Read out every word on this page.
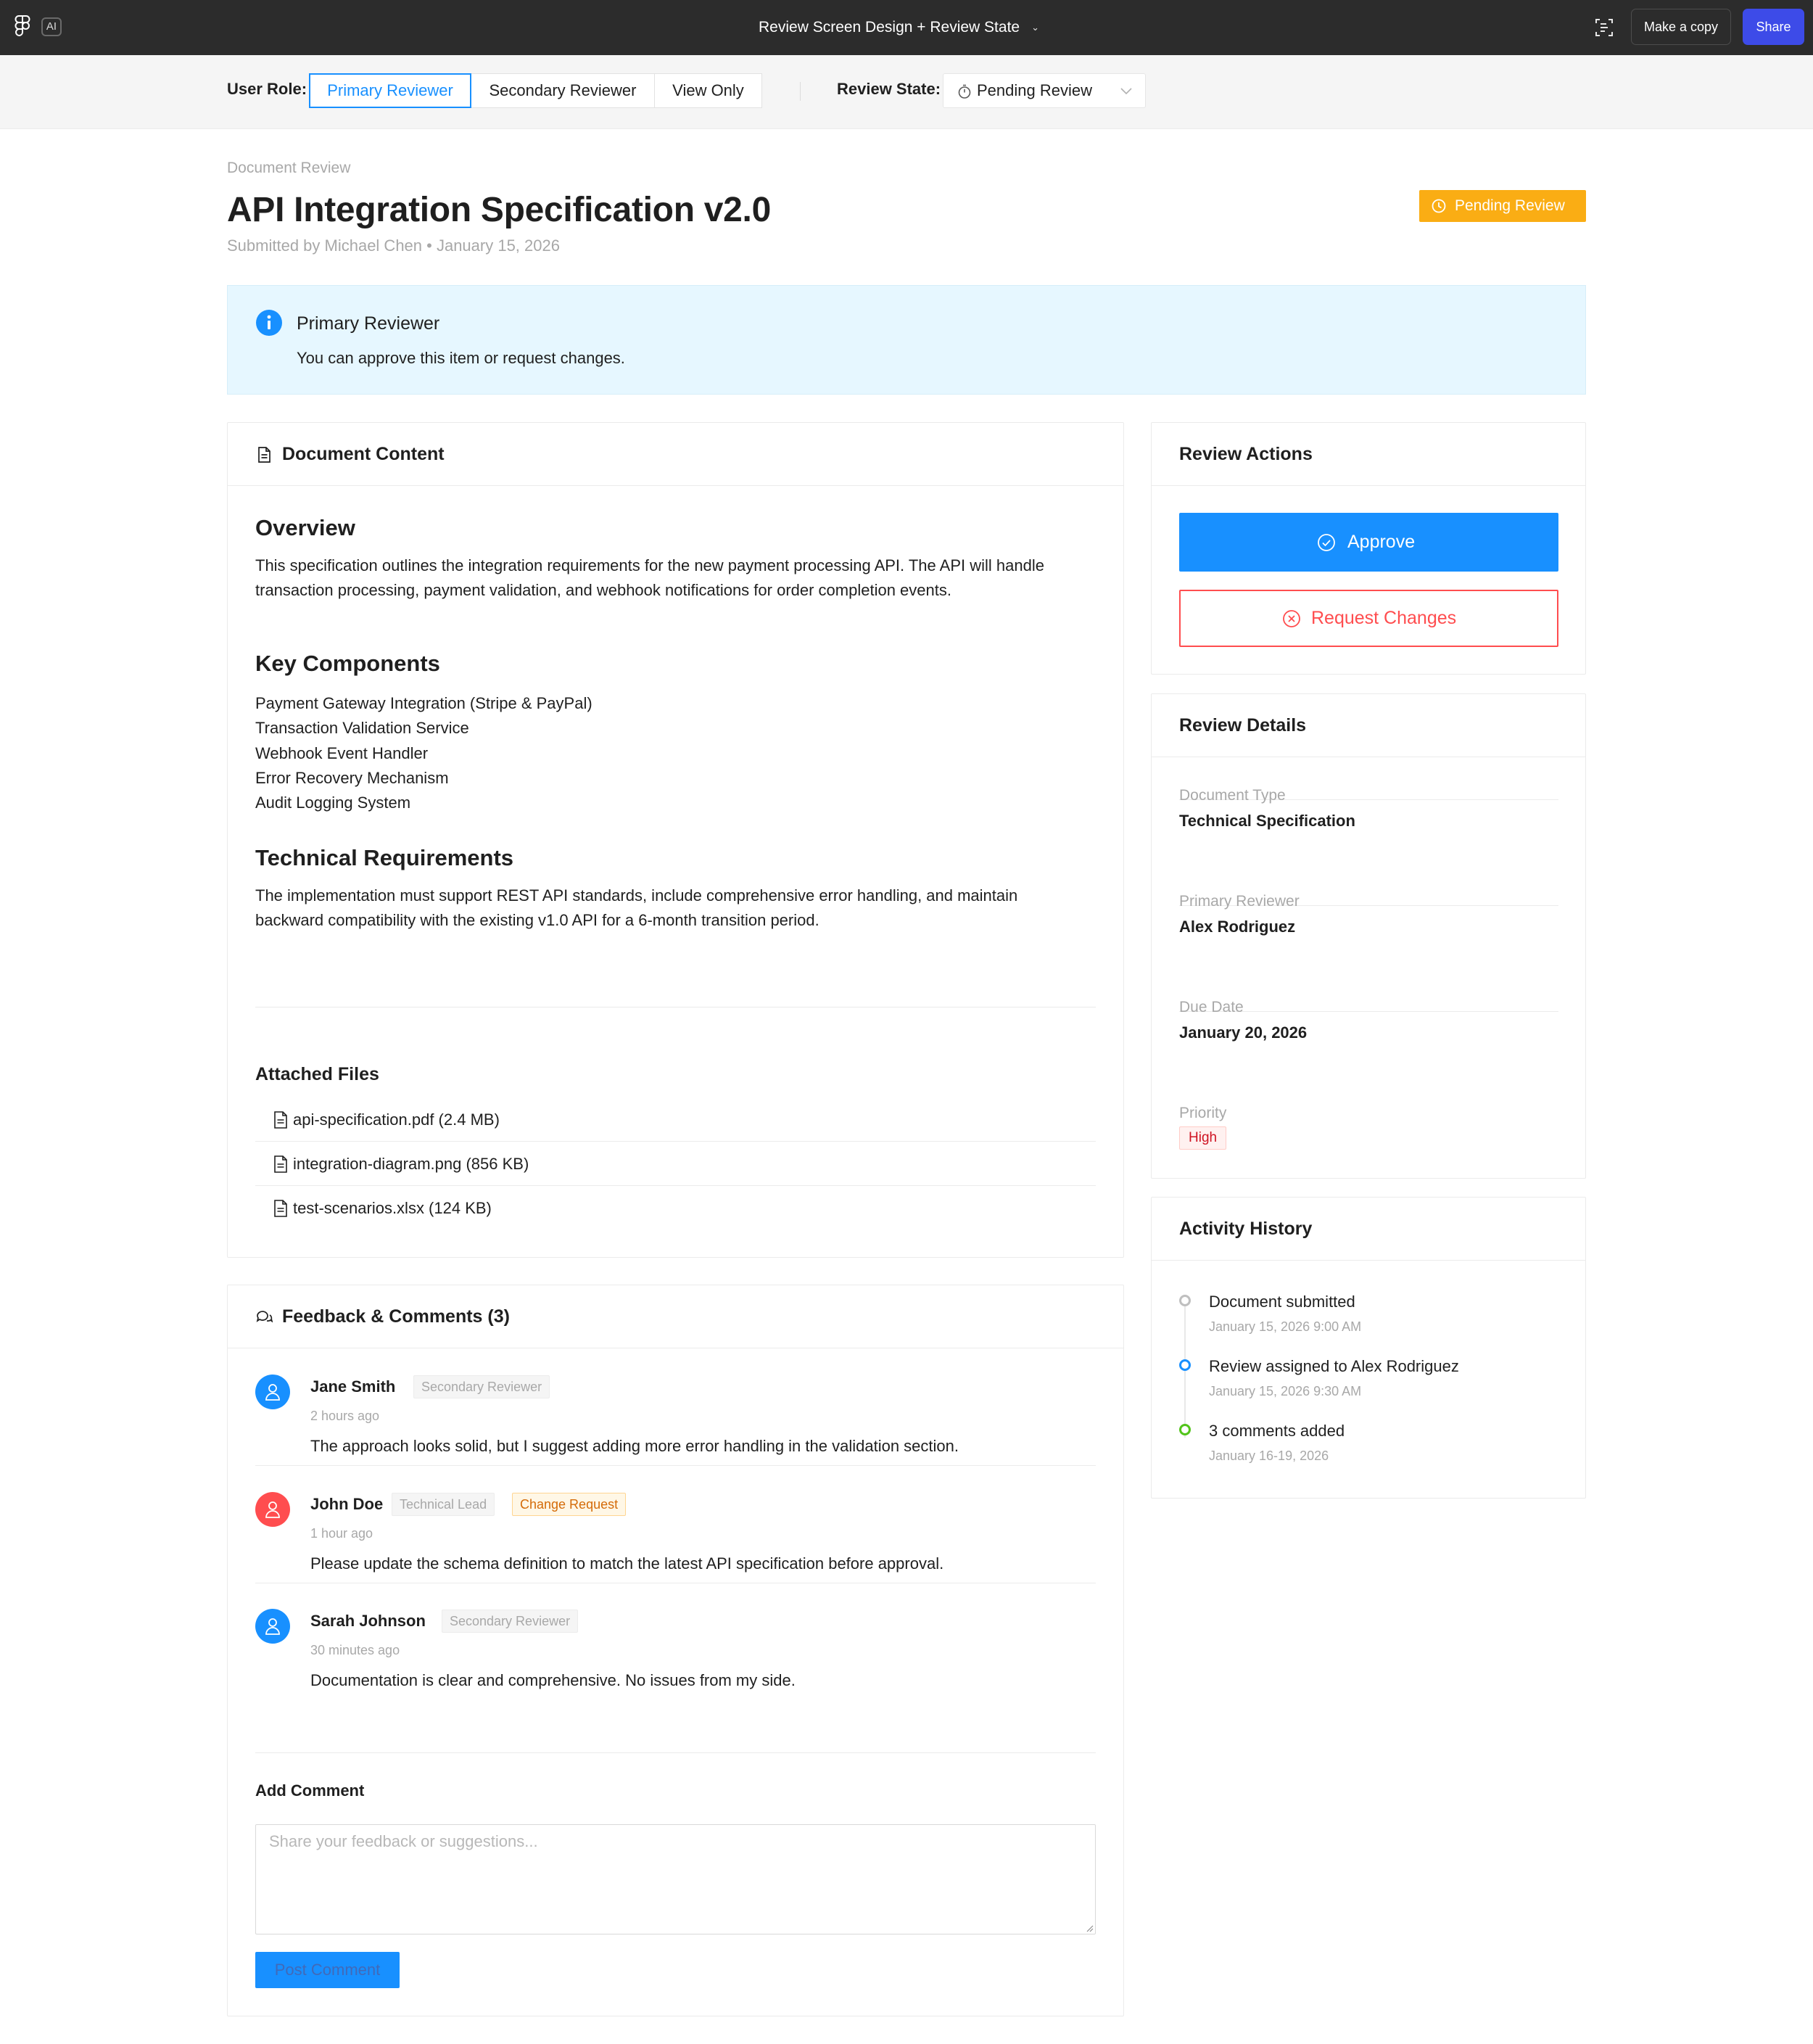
AI	Review Screen Design + Review State ⌄	Make a copy	Share
User Role:	Primary Reviewer	Secondary Reviewer	View Only	Review State: Pending Review
Document Review
API Integration Specification v2.0
Submitted by Michael Chen • January 15, 2026
Pending Review
Primary Reviewer
You can approve this item or request changes.
Document Content
Overview
This specification outlines the integration requirements for the new payment processing API. The API will handle
transaction processing, payment validation, and webhook notifications for order completion events.
Key Components
Payment Gateway Integration (Stripe & PayPal)
Transaction Validation Service
Webhook Event Handler
Error Recovery Mechanism
Audit Logging System
Technical Requirements
The implementation must support REST API standards, include comprehensive error handling, and maintain
backward compatibility with the existing v1.0 API for a 6-month transition period.
Attached Files
api-specification.pdf (2.4 MB)
integration-diagram.png (856 KB)
test-scenarios.xlsx (124 KB)
Feedback & Comments (3)
Jane Smith	Secondary Reviewer
2 hours ago
The approach looks solid, but I suggest adding more error handling in the validation section.
John Doe	Technical Lead	Change Request
1 hour ago
Please update the schema definition to match the latest API specification before approval.
Sarah Johnson	Secondary Reviewer
30 minutes ago
Documentation is clear and comprehensive. No issues from my side.
Add Comment
Share your feedback or suggestions...
Post Comment
Review Actions
Approve
Request Changes
Review Details
Document Type
Technical Specification
Primary Reviewer
Alex Rodriguez
Due Date
January 20, 2026
Priority
High
Activity History
Document submitted
January 15, 2026 9:00 AM
Review assigned to Alex Rodriguez
January 15, 2026 9:30 AM
3 comments added
January 16-19, 2026
